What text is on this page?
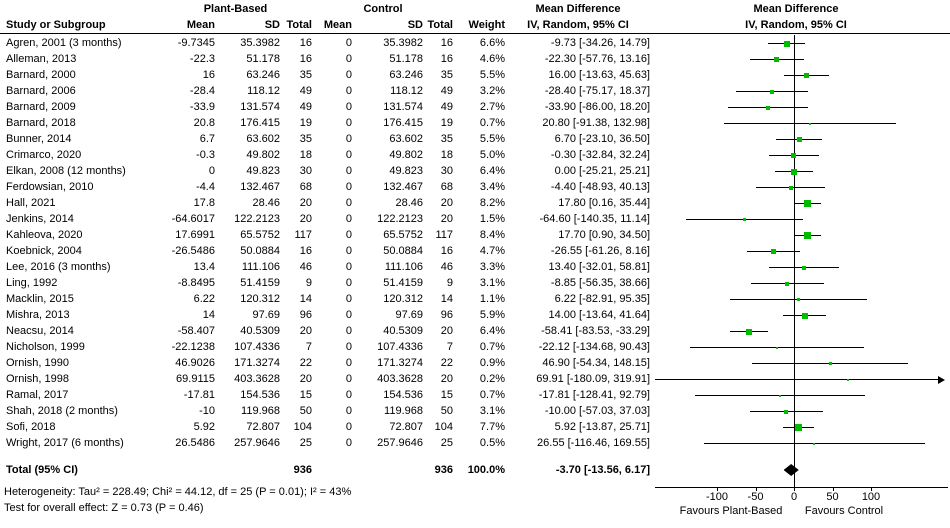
Plant-Based	Control	Mean Difference	Mean Difference
Study or Subgroup	Mean	SD Total	Mean	SD Total	Weight	IV, Random, 95% CI	IV, Random, 95% CI
Agren, 2001 (3 months)	-9.7345	35.3982	16	0	35.3982	16	6.6%	-9.73 [-34.26, 14.79]
Alleman, 2013	-22.3	51.178	16	0	51.178	16	4.6%	-22.30 [-57.76, 13.16]
Barnard, 2000	16	63.246	35	0	63.246	35	5.5%	16.00 [-13.63, 45.63]
Barnard, 2006	-28.4	118.12	49	0	118.12	49	3.2%	-28.40 [-75.17, 18.37]
Barnard, 2009	-33.9	131.574	49	0	131.574	49	2.7%	-33.90 [-86.00, 18.20]
Barnard, 2018	20.8	176.415	19	0	176.415	19	0.7%	20.80 [-91.38, 132.98]
Bunner, 2014	6.7	63.602	35	0	63.602	35	5.5%	6.70 [-23.10, 36.50]
Crimarco, 2020	-0.3	49.802	18	0	49.802	18	5.0%	-0.30 [-32.84, 32.24]
Elkan, 2008 (12 months)	0	49.823	30	0	49.823	30	6.4%	0.00 [-25.21, 25.21]
Ferdowsian, 2010	-4.4	132.467	68	0	132.467	68	3.4%	-4.40 [-48.93, 40.13]
Hall, 2021	17.8	28.46	20	0	28.46	20	8.2%	17.80 [0.16, 35.44]
Jenkins, 2014	-64.6017	122.2123	20	0	122.2123	20	1.5%	-64.60 [-140.35, 11.14]
Kahleova, 2020	17.6991	65.5752	117	0	65.5752	117	8.4%	17.70 [0.90, 34.50]
Koebnick, 2004	-26.5486	50.0884	16	0	50.0884	16	4.7%	-26.55 [-61.26, 8.16]
Lee, 2016 (3 months)	13.4	111.106	46	0	111.106	46	3.3%	13.40 [-32.01, 58.81]
Ling, 1992	-8.8495	51.4159	9	0	51.4159	9	3.1%	-8.85 [-56.35, 38.66]
Macklin, 2015	6.22	120.312	14	0	120.312	14	1.1%	6.22 [-82.91, 95.35]
Mishra, 2013	14	97.69	96	0	97.69	96	5.9%	14.00 [-13.64, 41.64]
Neacsu, 2014	-58.407	40.5309	20	0	40.5309	20	6.4%	-58.41 [-83.53, -33.29]
Nicholson, 1999	-22.1238	107.4336	7	0	107.4336	7	0.7%	-22.12 [-134.68, 90.43]
Ornish, 1990	46.9026	171.3274	22	0	171.3274	22	0.9%	46.90 [-54.34, 148.15]
Ornish, 1998	69.9115	403.3628	20	0	403.3628	20	0.2%	69.91 [-180.09, 319.91]
Ramal, 2017	-17.81	154.536	15	0	154.536	15	0.7%	-17.81 [-128.41, 92.79]
Shah, 2018 (2 months)	-10	119.968	50	0	119.968	50	3.1%	-10.00 [-57.03, 37.03]
Sofi, 2018	5.92	72.807	104	0	72.807	104	7.7%	5.92 [-13.87, 25.71]
Wright, 2017 (6 months)	26.5486	257.9646	25	0	257.9646	25	0.5%	26.55 [-116.46, 169.55]
Total (95% CI)	936	936	100.0%	-3.70 [-13.56, 6.17]
Heterogeneity: Tau² = 228.49; Chi² = 44.12, df = 25 (P = 0.01); I² = 43%
Test for overall effect: Z = 0.73 (P = 0.46)
-100	-50	0	50	100
Favours Plant-Based	Favours Control
